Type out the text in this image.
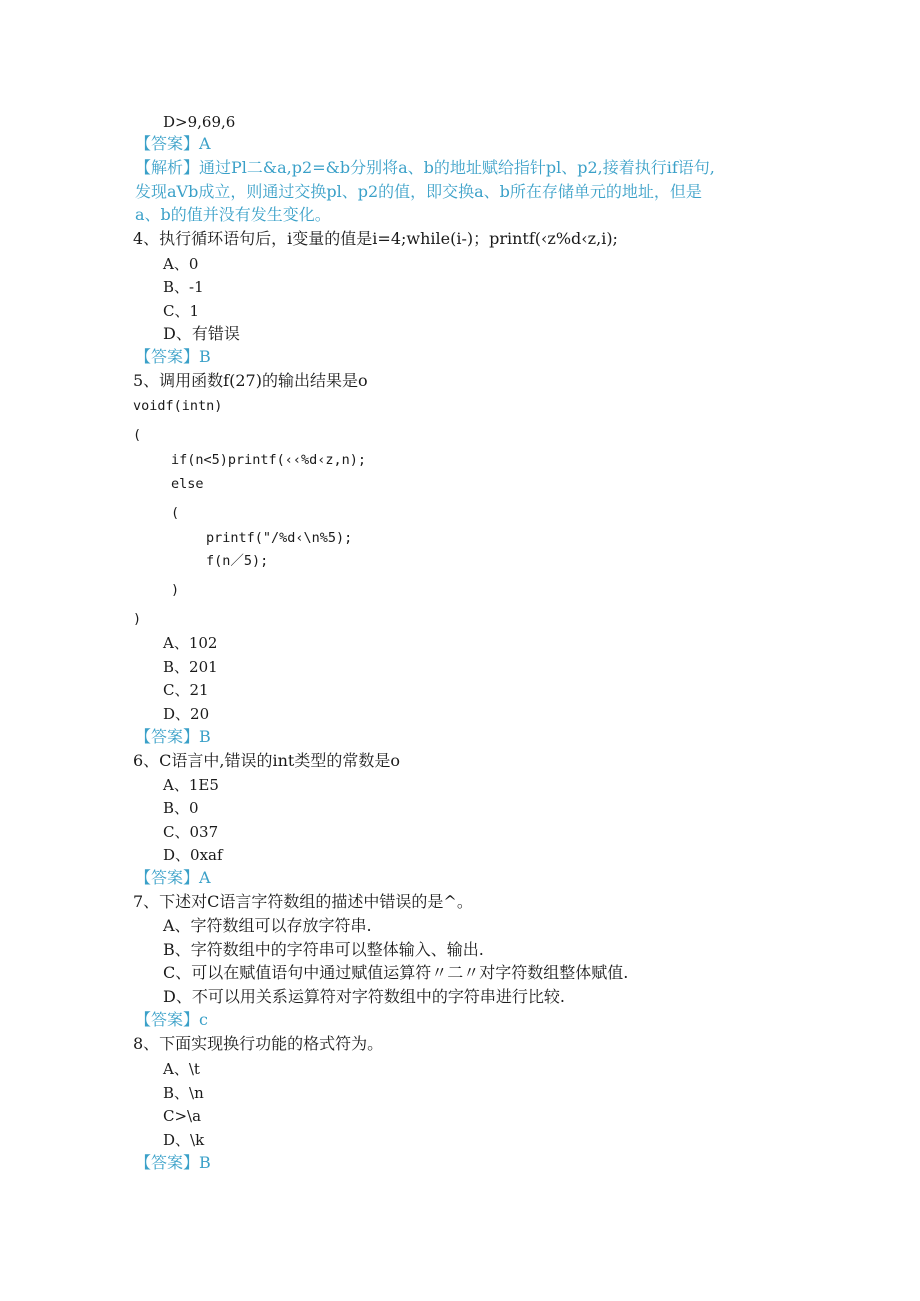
D>9,69,6
【答案】A
【解析】通过Pl二&a,p2=&b分别将a、b的地址赋给指针pl、p2,接着执行if语句,
发现aVb成立，则通过交换pl、p2的值，即交换a、b所在存储单元的地址，但是
a、b的值并没有发生变化。
4、执行循环语句后，i变量的值是i=4;while(i-)；printf(‹z%d‹z,i);
A、0
B、-1
C、1
D、有错误
【答案】B
5、调用函数f(27)的输出结果是o
voidf(intn)
(
if(n<5)printf(‹‹%d‹z,n);
else
(
printf("/%d‹\n%5);
f(n／5);
)
)
A、102
B、201
C、21
D、20
【答案】B
6、C语言中,错误的int类型的常数是o
A、1E5
B、0
C、037
D、0xaf
【答案】A
7、下述对C语言字符数组的描述中错误的是^。
A、字符数组可以存放字符串.
B、字符数组中的字符串可以整体输入、输出.
C、可以在赋值语句中通过赋值运算符〃二〃对字符数组整体赋值.
D、不可以用关系运算符对字符数组中的字符串进行比较.
【答案】c
8、下面实现换行功能的格式符为。
A、\t
B、\n
C>\a
D、\k
【答案】B
